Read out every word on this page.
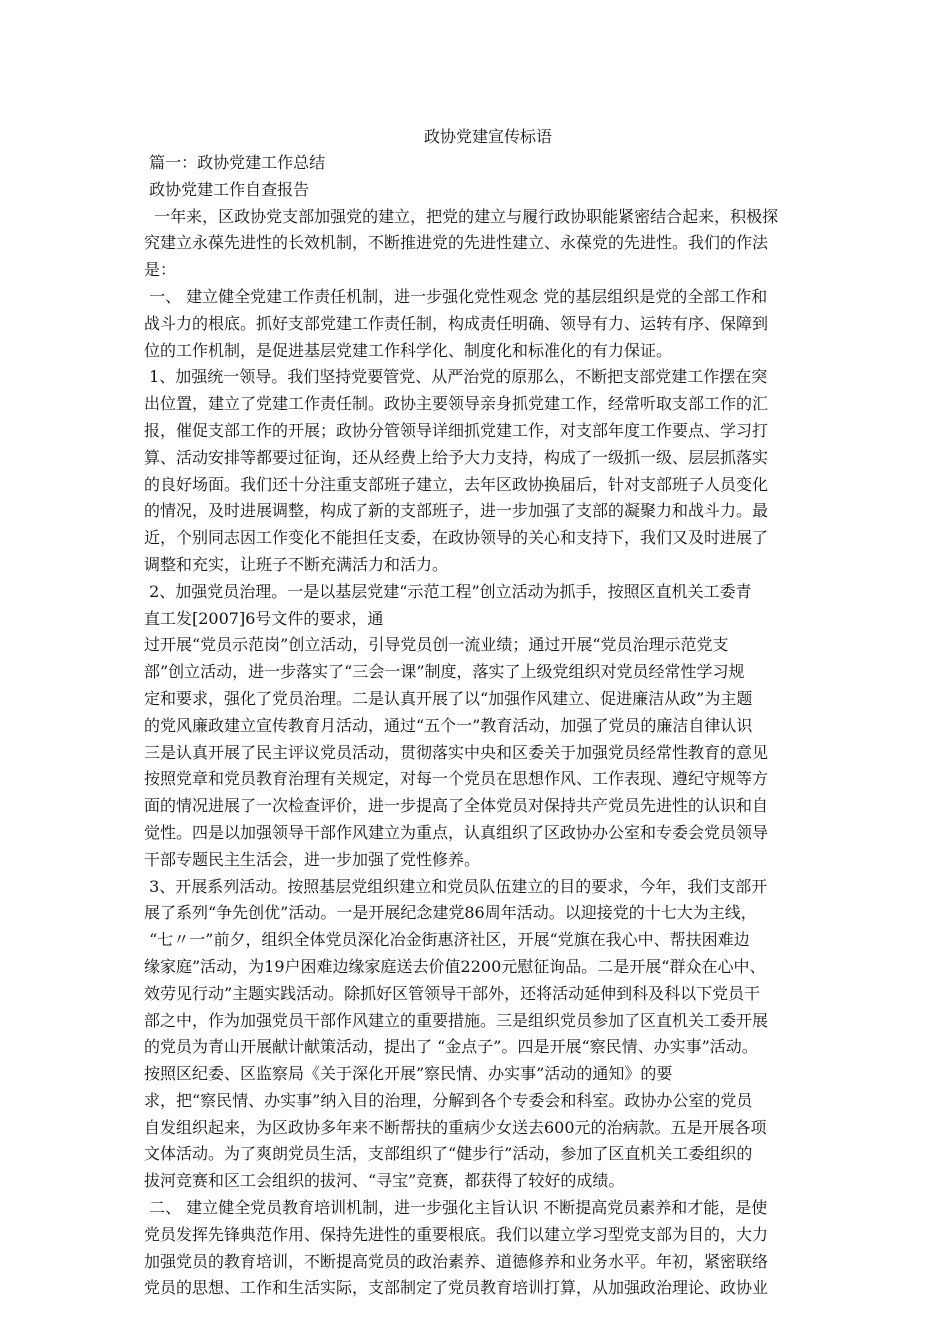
政协党建宣传标语

篇一：政协党建工作总结

政协党建工作自查报告

一年来，区政协党支部加强党的建立，把党的建立与履行政协职能紧密结合起来，积极探

究建立永葆先进性的长效机制，不断推进党的先进性建立、永葆党的先进性。我们的作法

是：

一、 建立健全党建工作责任机制，进一步强化党性观念 党的基层组织是党的全部工作和

战斗力的根底。抓好支部党建工作责任制，构成责任明确、领导有力、运转有序、保障到

位的工作机制，是促进基层党建工作科学化、制度化和标准化的有力保证。

1、加强统一领导。我们坚持党要管党、从严治党的原那么，不断把支部党建工作摆在突

出位置，建立了党建工作责任制。政协主要领导亲身抓党建工作，经常听取支部工作的汇

报，催促支部工作的开展；政协分管领导详细抓党建工作，对支部年度工作要点、学习打

算、活动安排等都要过征询，还从经费上给予大力支持，构成了一级抓一级、层层抓落实

的良好场面。我们还十分注重支部班子建立，去年区政协换届后，针对支部班子人员变化

的情况，及时进展调整，构成了新的支部班子，进一步加强了支部的凝聚力和战斗力。最

近，个别同志因工作变化不能担任支委，在政协领导的关心和支持下，我们又及时进展了

调整和充实，让班子不断充满活力和活力。

2、加强党员治理。一是以基层党建“示范工程”创立活动为抓手，按照区直机关工委青

直工发[2007]6号文件的要求，通

过开展“党员示范岗”创立活动，引导党员创一流业绩；通过开展“党员治理示范党支

部”创立活动，进一步落实了“三会一课”制度，落实了上级党组织对党员经常性学习规

定和要求，强化了党员治理。二是认真开展了以“加强作风建立、促进廉洁从政”为主题

的党风廉政建立宣传教育月活动，通过“五个一”教育活动，加强了党员的廉洁自律认识

三是认真开展了民主评议党员活动，贯彻落实中央和区委关于加强党员经常性教育的意见

按照党章和党员教育治理有关规定，对每一个党员在思想作风、工作表现、遵纪守规等方

面的情况进展了一次检查评价，进一步提高了全体党员对保持共产党员先进性的认识和自

觉性。四是以加强领导干部作风建立为重点，认真组织了区政协办公室和专委会党员领导

干部专题民主生活会，进一步加强了党性修养。

3、开展系列活动。按照基层党组织建立和党员队伍建立的目的要求，今年，我们支部开

展了系列“争先创优”活动。一是开展纪念建党86周年活动。以迎接党的十七大为主线，

“七〃一”前夕，组织全体党员深化冶金街惠济社区，开展“党旗在我心中、帮扶困难边

缘家庭”活动，为19户困难边缘家庭送去价值2200元慰征询品。二是开展“群众在心中、

效劳见行动”主题实践活动。除抓好区管领导干部外，还将活动延伸到科及科以下党员干

部之中，作为加强党员干部作风建立的重要措施。三是组织党员参加了区直机关工委开展

的党员为青山开展献计献策活动，提出了 “金点子”。四是开展“察民情、办实事”活动。

按照区纪委、区监察局《关于深化开展”察民情、办实事”活动的通知》的要

求，把“察民情、办实事”纳入目的治理，分解到各个专委会和科室。政协办公室的党员

自发组织起来，为区政协多年来不断帮扶的重病少女送去600元的治病款。五是开展各项

文体活动。为了爽朗党员生活，支部组织了“健步行”活动，参加了区直机关工委组织的

拔河竞赛和区工会组织的拔河、“寻宝”竞赛，都获得了较好的成绩。

二、 建立健全党员教育培训机制，进一步强化主旨认识 不断提高党员素养和才能，是使

党员发挥先锋典范作用、保持先进性的重要根底。我们以建立学习型党支部为目的，大力

加强党员的教育培训，不断提高党员的政治素养、道德修养和业务水平。年初，紧密联络

党员的思想、工作和生活实际，支部制定了党员教育培训打算，从加强政治理论、政协业
